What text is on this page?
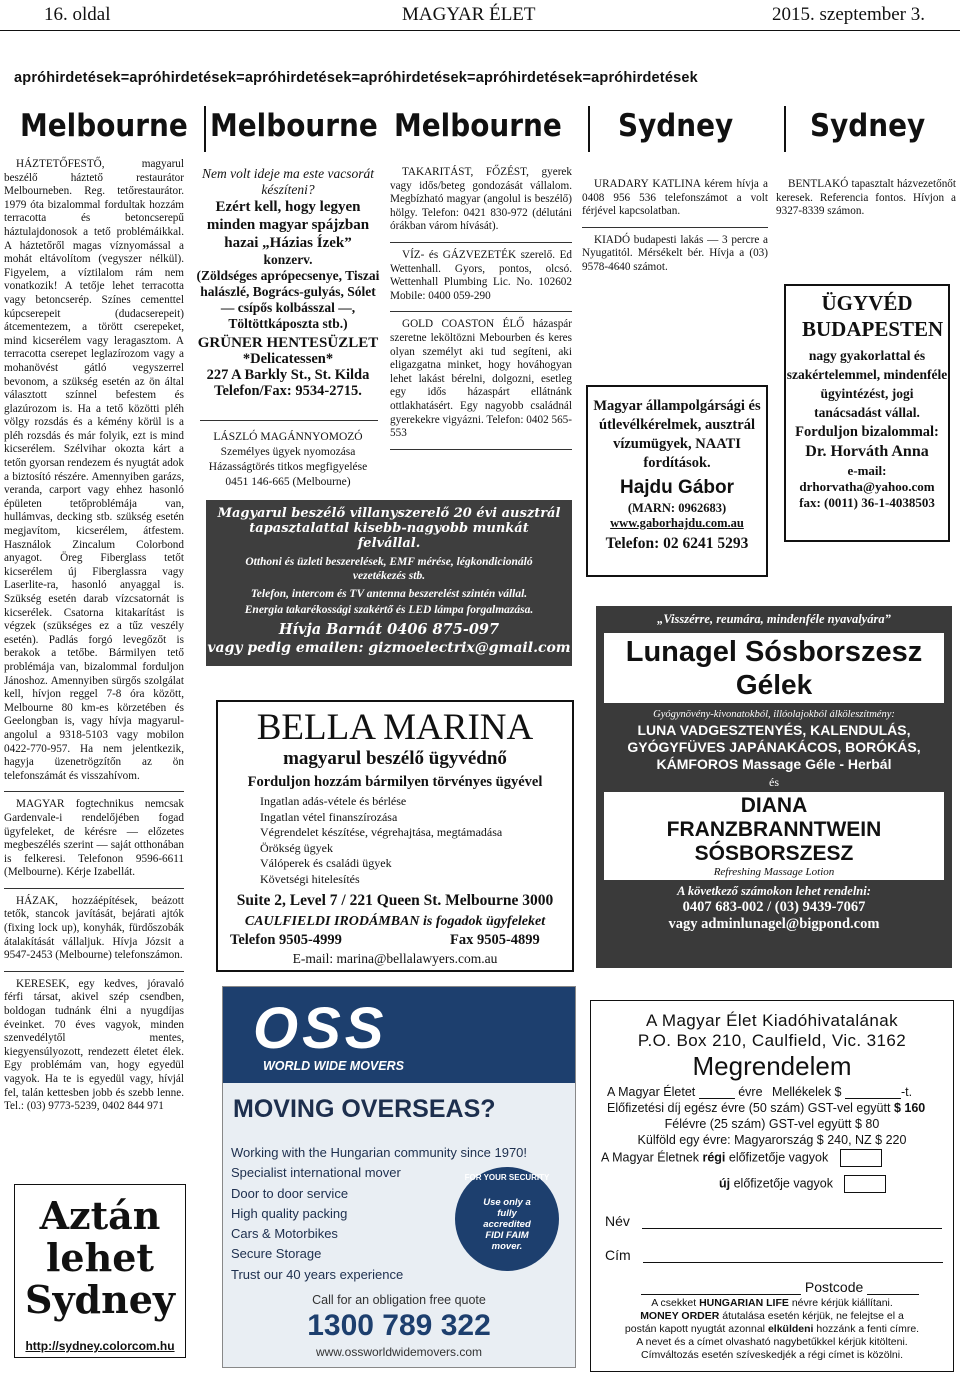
16. oldal	MAGYAR ÉLET	2015. szeptember 3.
apróhirdetések=apróhirdetések=apróhirdetések=apróhirdetések=apróhirdetések=apróhirdetések
Melbourne Melbourne Melbourne Sydney Sydney

HÁZTETŐFESTŐ, magyarul beszélő háztető restaurátor Melbourneben. Reg. tetőrestaurátor. 1979 óta bizalommal fordultak hozzám terracotta és betoncserepű háztulajdonosok a tető problémáikkal. A háztetőről magas víznyomással a mohát eltávolítom (vegyszer nélkül). Figyelem, a víztilalom rám nem vonatkozik! A tetője lehet terracotta vagy betoncserép. Színes cementtel kúpcserepeit (dudacserepeit) átcementezem, a törött cserepeket, mind kicserélem vagy leragasztom. A terracotta cserepet leglazírozom vagy a mohanövést gátló vegyszerrel bevonom, a szükség esetén az ön által választott színnel befestem és glazúrozom is. Ha a tető közötti pléh völgy rozsdás és a kémény körül is a pléh rozsdás és már folyik, ezt is mind kicserélem. Szélvihar okozta kárt a tetőn gyorsan rendezem és nyugtát adok a biztosító részére. Amennyiben garázs, veranda, carport vagy ehhez hasonló épületen tetőproblémája van, hullámvas, decking stb. szükség esetén megjavítom, kicserélem, átfestem. Használok Zincalum Colorbond anyagot. Öreg Fiberglass tetőt kicserélem új Fiberglassra vagy Laserlite-ra, hasonló anyaggal is. Szükség esetén darab vízcsatornát is kicserélek. Csatorna kitakarítást is végzek (szükséges ez a tűz veszély esetén). Padlás forgó levegőzőt is berakok a tetőbe. Bármilyen tető problémája van, bizalommal forduljon Jánoshoz. Amennyiben sürgős szolgálat kell, hívjon reggel 7-8 óra között, Melbourne 80 km-es körzetében és Geelongban is, vagy hívja magyarul-angolul a 9318-5103 vagy mobilon 0422-770-957. Ha nem jelentkezik, hagyja üzenetrögzítőn az ön telefonszámát és visszahívom.

MAGYAR fogtechnikus nemcsak Gardenvale-i rendelőjében fogad ügyfeleket, de kérésre — előzetes megbeszélés szerint — saját otthonában is felkeresi. Telefonon 9596-6611 (Melbourne). Kérje Izabellát.

HÁZAK, hozzáépítések, beázott tetők, stancok javítását, bejárati ajtók (fixing lock up), konyhák, fürdőszobák átalakítását vállaljuk. Hívja Józsit a 9547-2453 (Melbourne) telefonszámon.

KERESEK, egy kedves, jóravaló férfi társat, akivel szép csendben, boldogan tudnánk élni a nyugdíjas éveinket. 70 éves vagyok, minden szenvedélytől mentes, kiegyensúlyozott, rendezett életet élek. Egy problémám van, hogy egyedül vagyok. Ha te is egyedül vagy, hívjál fel, talán kettesben jobb és szebb lenne. Tel.: (03) 9773-5239, 0402 844 971

Aztán lehet Sydney
http://sydney.colorcom.hu
Nem volt ideje ma este vacsorát készíteni?
Ezért kell, hogy legyen minden magyar spájzban hazai „Házias Ízek”
konzerv.
(Zöldséges aprópecsenye, Tiszai halászlé, Bogrács-gulyás, Sólet — csípős kolbásszal —, Töltöttkáposzta stb.)
GRÜNER HENTESÜZLET
*Delicatessen*
227 A Barkly St., St. Kilda
Telefon/Fax: 9534-2715.
LÁSZLÓ MAGÁNNYOMOZÓ
Személyes ügyek nyomozása
Házasságtörés titkos megfigyelése
0451 146-665 (Melbourne)

TAKARITÁST, FŐZÉST, gyerek vagy idős/beteg gondozását vállalom. Megbízható magyar (angolul is beszélő) hölgy. Telefon: 0421 830-972 (délutáni órákban várom hívását).

VÍZ- és GÁZVEZETÉK szerelő. Ed Wettenhall. Gyors, pontos, olcsó. Wettenhall Plumbing Lic. No. 102602 Mobile: 0400 059-290

GOLD COASTON ÉLŐ házaspár szeretne leköltözni Mebourben és keres olyan személyt aki tud segíteni, aki eligazgatna minket, hogy hováhogyan lehet lakást bérelni, dolgozni, esetleg egy idős házaspárt ellátnánk ottlakhatásért. Egy nagyobb családnál gyerekekre vigyázni. Telefon: 0402 565-553

URADARY KATLINA kérem hívja a 0408 956 536 telefonszámot a volt férjével kapcsolatban.

KIADÓ budapesti lakás — 3 percre a Nyugatitól. Mérsékelt bér. Hívja a (03) 9578-4640 számot.

Magyar állampolgársági és útlevélkérelmek, ausztrál vízumügyek, NAATI fordítások.
Hajdu Gábor
(MARN: 0962683)
www.gaborhajdu.com.au
Telefon: 02 6241 5293

BENTLAKÓ tapasztalt házvezetőnőt keresek. Referencia fontos. Hívjon a 9327-8339 számon.

ÜGYVÉD BUDAPESTEN
nagy gyakorlattal és szakértelemmel, mindenféle ügyintézést, jogi tanácsadást vállal.
Forduljon bizalommal:
Dr. Horváth Anna
e-mail:
drhorvatha@yahoo.com
fax: (0011) 36-1-4038503
Magyarul beszélő villanyszerelő 20 évi ausztrál tapasztalattal kisebb-nagyobb munkát felvállal.
Otthoni és üzleti beszerelések, EMF mérése, légkondicionáló vezetékezés stb.
Telefon, intercom és TV antenna beszerelést szintén vállal.
Energia takarékossági szakértő és LED lámpa forgalmazása.
Hívja Barnát 0406 875-097
vagy pedig emailen: gizmoelectrix@gmail.com
BELLA MARINA
magyarul beszélő ügyvédnő
Forduljon hozzám bármilyen törvényes ügyével
Ingatlan adás-vétele és bérlése
Ingatlan vétel finanszírozása
Végrendelet készítése, végrehajtása, megtámadása
Örökség ügyek
Válóperek és családi ügyek
Követségi hitelesítés
Suite 2, Level 7 / 221 Queen St. Melbourne 3000
CAULFIELDI IRODÁMBAN is fogadok ügyfeleket
Telefon 9505-4999	Fax 9505-4899
E-mail: marina@bellalawyers.com.au
„Visszérre, reumára, mindenféle nyavalyára”
Lunagel Sósborszesz
Gélek
Gyógynövény-kivonatokból, illóolajokból álköleszítmény:
LUNA VADGESZTENYÉS, KALENDULÁS, GYÓGYFÜVES JAPÁNAKÁCOS, BORÓKÁS, KÁMFOROS Massage Géle - Herbál
és
DIANA
FRANZBRANNTWEIN
SÓSBORSZESZ
Refreshing Massage Lotion
A következő számokon lehet rendelni:
0407 683-002 / (03) 9439-7067
vagy adminlunagel@bigpond.com
OSS
WORLD WIDE MOVERS
MOVING OVERSEAS?
Working with the Hungarian community since 1970!
Specialist international mover
Door to door service
High quality packing
Cars & Motorbikes
Secure Storage
Trust our 40 years experience
FOR YOUR SECURITY
Use only a fully accredited FIDI FAIM mover.
Call for an obligation free quote
1300 789 322
www.ossworldwidemovers.com
A Magyar Élet Kiadóhivatalának
P.O. Box 210, Caulfield, Vic. 3162
Megrendelem
A Magyar Életet	évre Mellékelek $	-t.
Előfizetési díj egész évre (50 szám) GST-vel együtt $ 160
Félévre (25 szám) GST-vel együtt $ 80
Külföld egy évre: Magyarország $ 240, NZ $ 220
A Magyar Életnek régi előfizetője vagyok
új előfizetője vagyok
Név
Cím
Postcode
A csekket HUNGARIAN LIFE névre kérjük kiállítani.
MONEY ORDER átutalása esetén kérjük, ne felejtse el a
postán kapott nyugtát azonnal elküldeni hozzánk a fenti címre.
A nevet és a címet olvasható nagybetűkkel kérjük kitölteni.
Címváltozás esetén szíveskedjék a régi címet is közölni.
